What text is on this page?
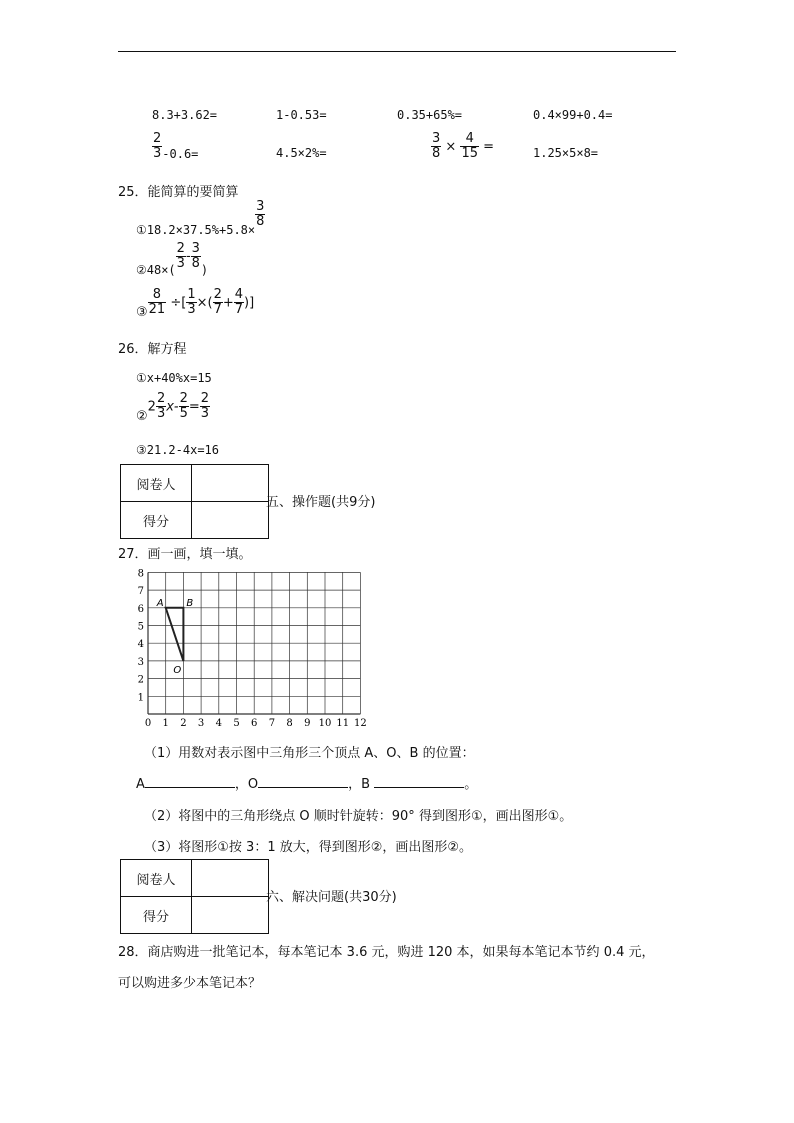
8.3+3.62=	1-0.53=	0.35+65%=	0.4×99+0.4=
$\frac{2}{3} -0.6=$	4.5×2%=	$\frac{3}{8} \times \frac{4}{15}$ =	1.25×5×8=
25．能简算的要简算
①18.2×37.5%+5.8×
$\frac{3}{8}$
②48×( $\frac{2}{3} - \frac{3}{8}$ )
③ $\frac{8}{21}$ ÷[ $\frac{1}{3}$ ×( $\frac{2}{7} + \frac{4}{7}$ )]
26．解方程
①x+40%x=15
②2 $\frac{2}{3} x- \frac{2}{5} = \frac{2}{3}$
③21.2-4x=16
阅卷人	
得分	
五、操作题(共9分)
27．画一画，填一填。
0 1 2 3 4 5 6 7 8 9 10 11 12
1
2
3
4
5
6
7
8
A B
O
（1）用数对表示图中三角形三个顶点 A、O、B 的位置：
A	，O	，B	。
（2）将图中的三角形绕点 O 顺时针旋转：90° 得到图形①，画出图形①。
（3）将图形①按 3：1 放大，得到图形②，画出图形②。
阅卷人	
得分	
六、解决问题(共30分)
28．商店购进一批笔记本，每本笔记本 3.6 元，购进 120 本，如果每本笔记本节约 0.4 元，
可以购进多少本笔记本？
